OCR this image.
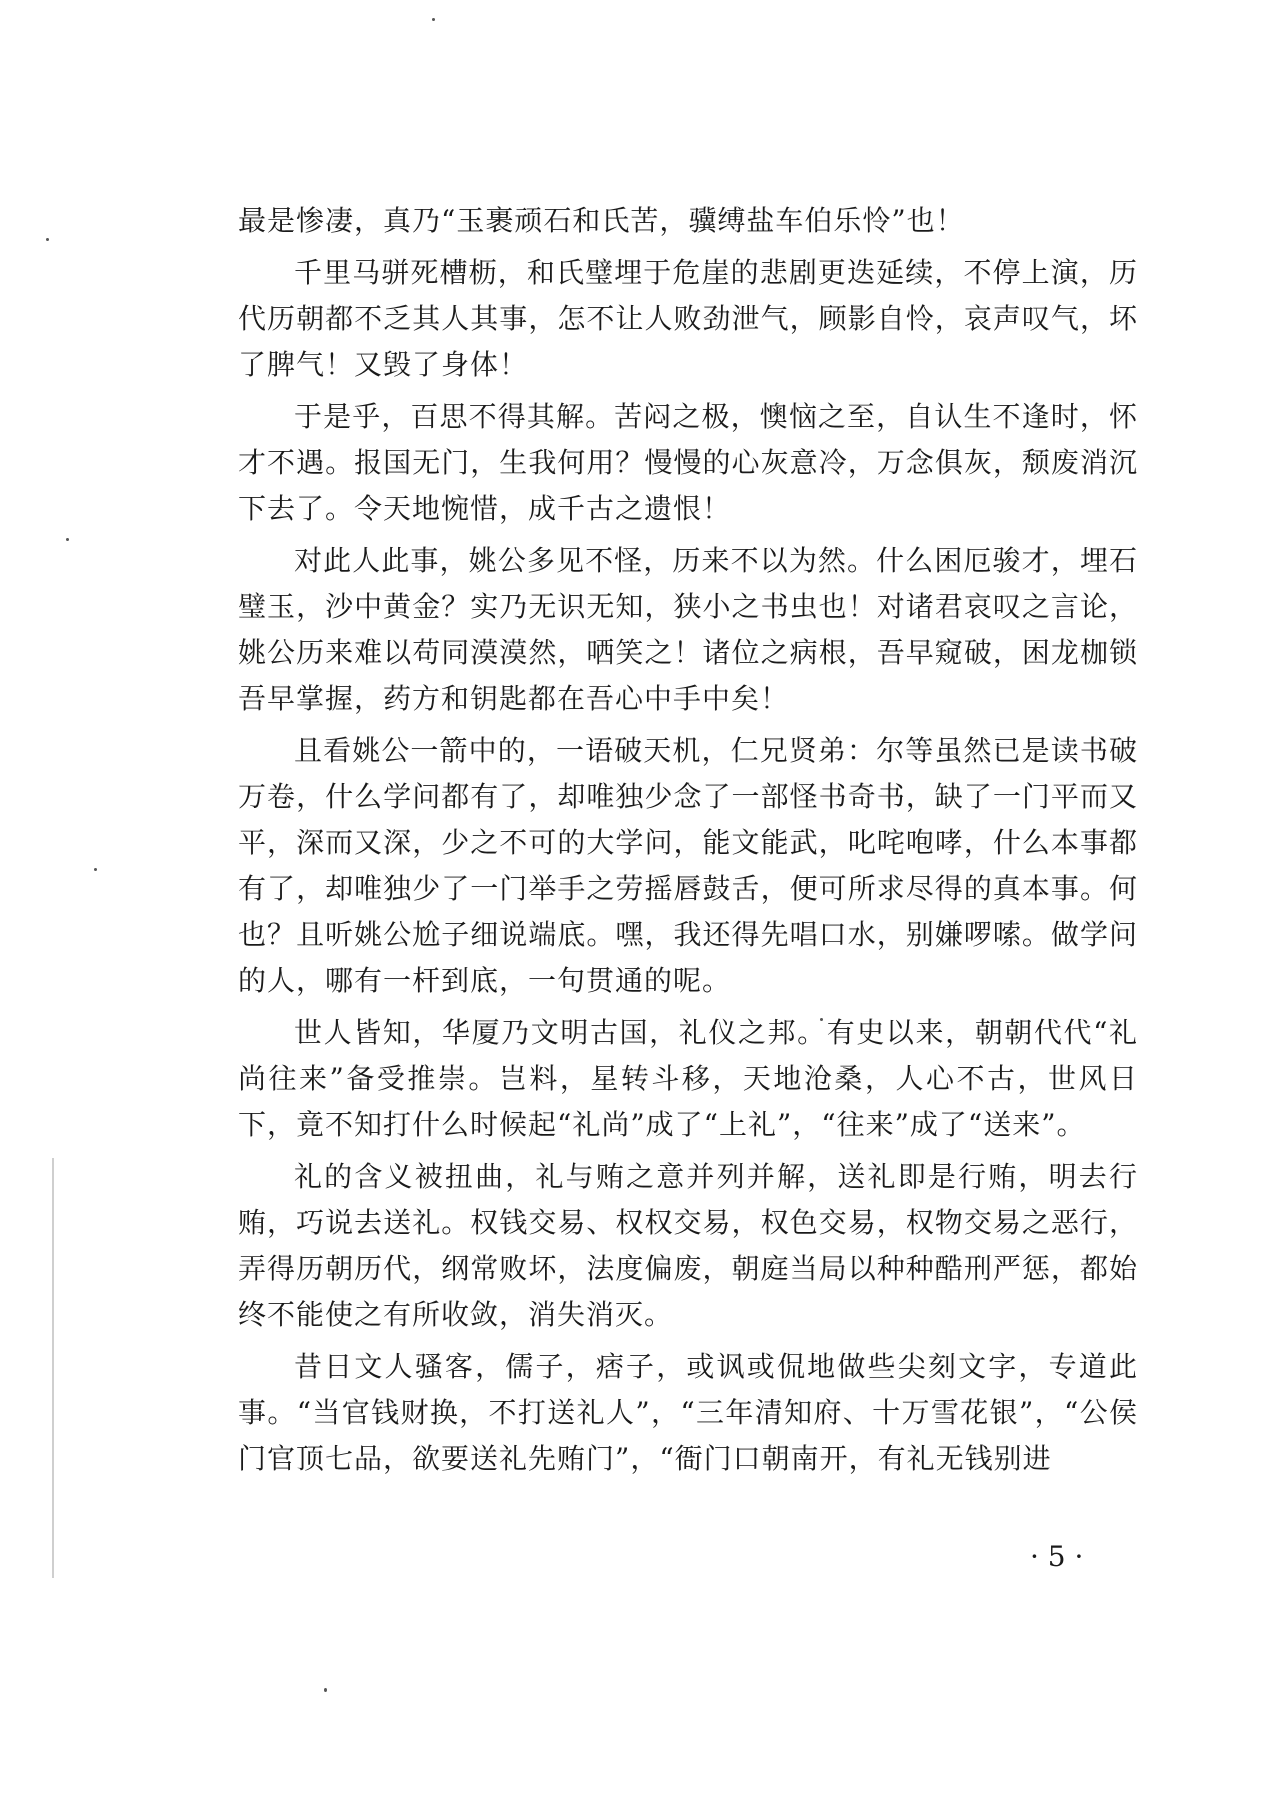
最是惨凄，真乃“玉裹顽石和氏苦，骥缚盐车伯乐怜”也！

千里马骈死槽枥，和氏璧埋于危崖的悲剧更迭延续，不停上演，历代历朝都不乏其人其事，怎不让人败劲泄气，顾影自怜，哀声叹气，坏了脾气！又毁了身体！

于是乎，百思不得其解。苦闷之极，懊恼之至，自认生不逢时，怀才不遇。报国无门，生我何用？慢慢的心灰意冷，万念俱灰，颓废消沉下去了。令天地惋惜，成千古之遗恨！

对此人此事，姚公多见不怪，历来不以为然。什么困厄骏才，埋石璧玉，沙中黄金？实乃无识无知，狭小之书虫也！对诸君哀叹之言论，姚公历来难以苟同漠漠然，哂笑之！诸位之病根，吾早窥破，困龙枷锁吾早掌握，药方和钥匙都在吾心中手中矣！

且看姚公一箭中的，一语破天机，仁兄贤弟：尔等虽然已是读书破万卷，什么学问都有了，却唯独少念了一部怪书奇书，缺了一门平而又平，深而又深，少之不可的大学问，能文能武，叱咤咆哮，什么本事都有了，却唯独少了一门举手之劳摇唇鼓舌，便可所求尽得的真本事。何也？且听姚公尬子细说端底。嘿，我还得先唱口水，别嫌啰嗦。做学问的人，哪有一杆到底，一句贯通的呢。

世人皆知，华厦乃文明古国，礼仪之邦。有史以来，朝朝代代“礼尚往来”备受推崇。岂料，星转斗移，天地沧桑，人心不古，世风日下，竟不知打什么时候起“礼尚”成了“上礼”，“往来”成了“送来”。

礼的含义被扭曲，礼与贿之意并列并解，送礼即是行贿，明去行贿，巧说去送礼。权钱交易、权权交易，权色交易，权物交易之恶行，弄得历朝历代，纲常败坏，法度偏废，朝庭当局以种种酷刑严惩，都始终不能使之有所收敛，消失消灭。

昔日文人骚客，儒子，痞子，或讽或侃地做些尖刻文字，专道此事。“当官钱财换，不打送礼人”，“三年清知府、十万雪花银”，“公侯门官顶七品，欲要送礼先贿门”，“衙门口朝南开，有礼无钱别进

· 5 ·
